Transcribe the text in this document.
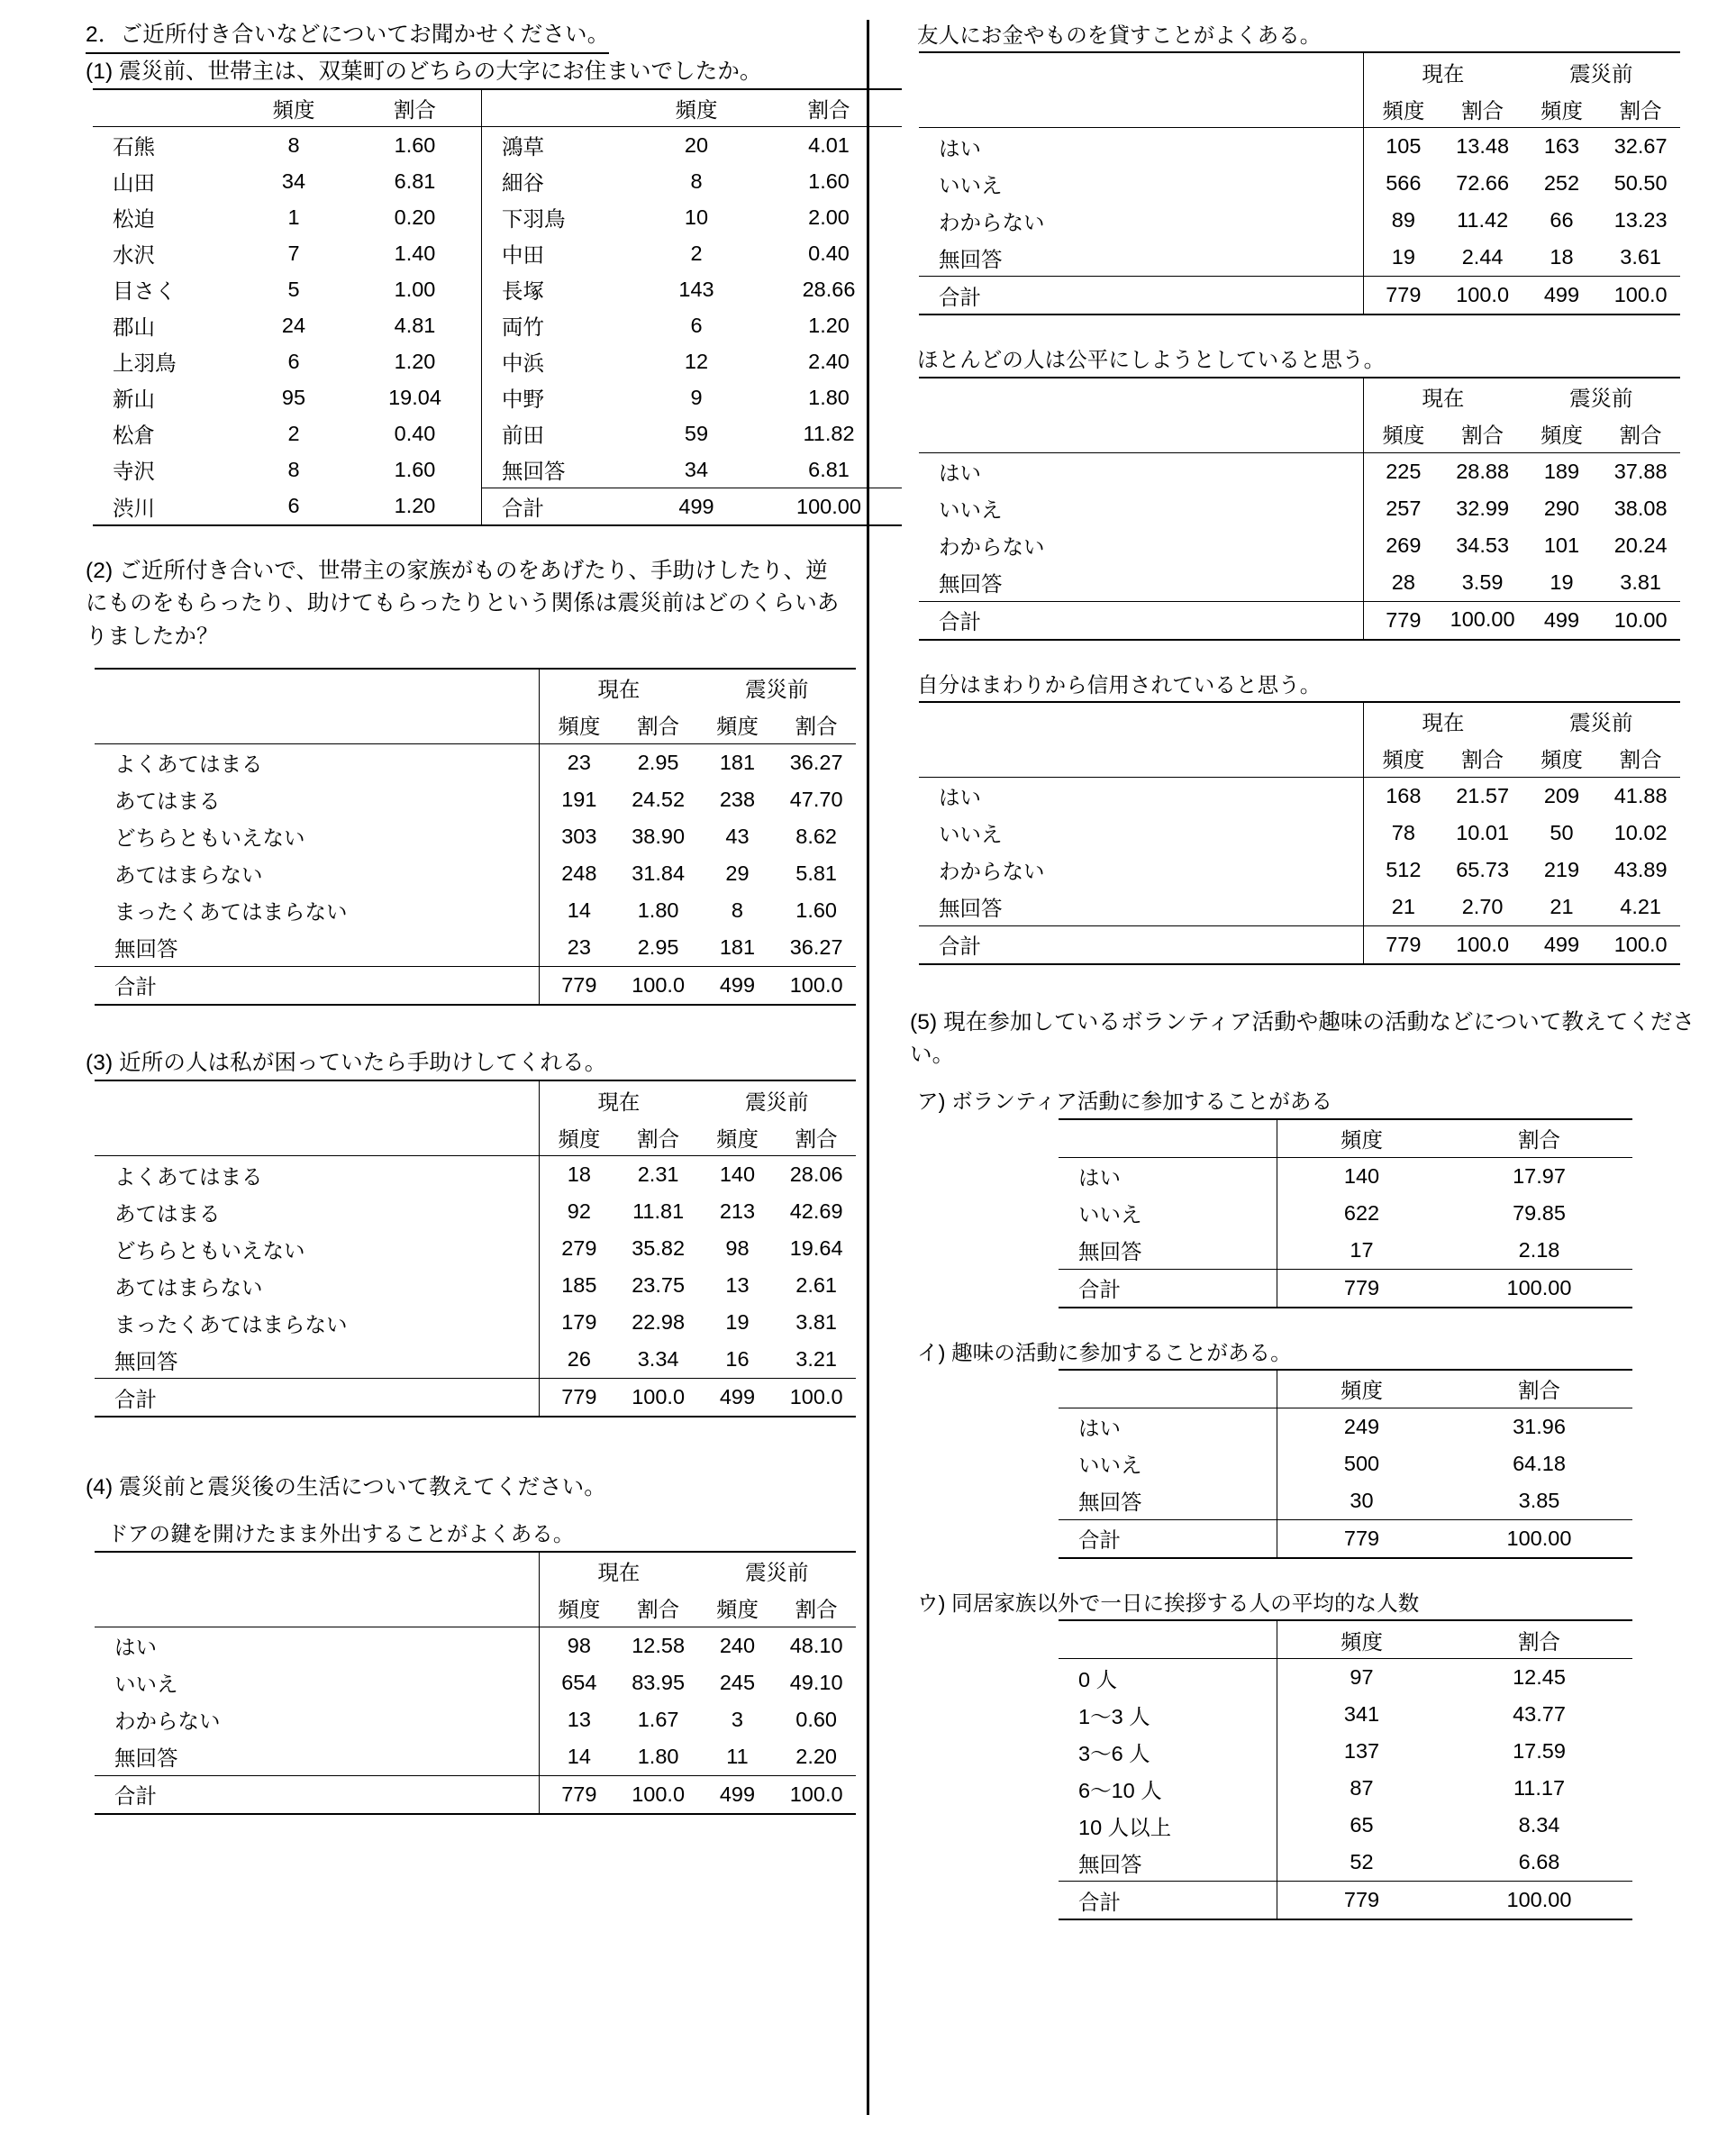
2．ご近所付き合いなどについてお聞かせください。
(1) 震災前、世帯主は、双葉町のどちらの大字にお住まいでしたか。
	頻度	割合		頻度	割合
石熊	8	1.60	鴻草	20	4.01
山田	34	6.81	細谷	8	1.60
松迫	1	0.20	下羽鳥	10	2.00
水沢	7	1.40	中田	2	0.40
目さく	5	1.00	長塚	143	28.66
郡山	24	4.81	両竹	6	1.20
上羽鳥	6	1.20	中浜	12	2.40
新山	95	19.04	中野	9	1.80
松倉	2	0.40	前田	59	11.82
寺沢	8	1.60	無回答	34	6.81
渋川	6	1.20	合計	499	100.00
(2) ご近所付き合いで、世帯主の家族がものをあげたり、手助けしたり、逆にものをもらったり、助けてもらったりという関係は震災前はどのくらいありましたか？
	現在		震災前	
	頻度	割合	頻度	割合
よくあてはまる	23	2.95	181	36.27
あてはまる	191	24.52	238	47.70
どちらともいえない	303	38.90	43	8.62
あてはまらない	248	31.84	29	5.81
まったくあてはまらない	14	1.80	8	1.60
無回答	23	2.95	181	36.27
合計	779	100.0	499	100.0
(3) 近所の人は私が困っていたら手助けしてくれる。
	現在		震災前	
	頻度	割合	頻度	割合
よくあてはまる	18	2.31	140	28.06
あてはまる	92	11.81	213	42.69
どちらともいえない	279	35.82	98	19.64
あてはまらない	185	23.75	13	2.61
まったくあてはまらない	179	22.98	19	3.81
無回答	26	3.34	16	3.21
合計	779	100.0	499	100.0
(4) 震災前と震災後の生活について教えてください。
ドアの鍵を開けたまま外出することがよくある。
	現在		震災前	
	頻度	割合	頻度	割合
はい	98	12.58	240	48.10
いいえ	654	83.95	245	49.10
わからない	13	1.67	3	0.60
無回答	14	1.80	11	2.20
合計	779	100.0	499	100.0
友人にお金やものを貸すことがよくある。
	現在		震災前	
	頻度	割合	頻度	割合
はい	105	13.48	163	32.67
いいえ	566	72.66	252	50.50
わからない	89	11.42	66	13.23
無回答	19	2.44	18	3.61
合計	779	100.0	499	100.0
ほとんどの人は公平にしようとしていると思う。
	現在		震災前	
	頻度	割合	頻度	割合
はい	225	28.88	189	37.88
いいえ	257	32.99	290	38.08
わからない	269	34.53	101	20.24
無回答	28	3.59	19	3.81
合計	779	100.00	499	10.00
自分はまわりから信用されていると思う。
	現在		震災前	
	頻度	割合	頻度	割合
はい	168	21.57	209	41.88
いいえ	78	10.01	50	10.02
わからない	512	65.73	219	43.89
無回答	21	2.70	21	4.21
合計	779	100.0	499	100.0
(5) 現在参加しているボランティア活動や趣味の活動などについて教えてください。
ア) ボランティア活動に参加することがある
	頻度	割合
はい	140	17.97
いいえ	622	79.85
無回答	17	2.18
合計	779	100.00
イ) 趣味の活動に参加することがある。
	頻度	割合
はい	249	31.96
いいえ	500	64.18
無回答	30	3.85
合計	779	100.00
ウ) 同居家族以外で一日に挨拶する人の平均的な人数
	頻度	割合
0 人	97	12.45
1〜3 人	341	43.77
3〜6 人	137	17.59
6〜10 人	87	11.17
10 人以上	65	8.34
無回答	52	6.68
合計	779	100.00
